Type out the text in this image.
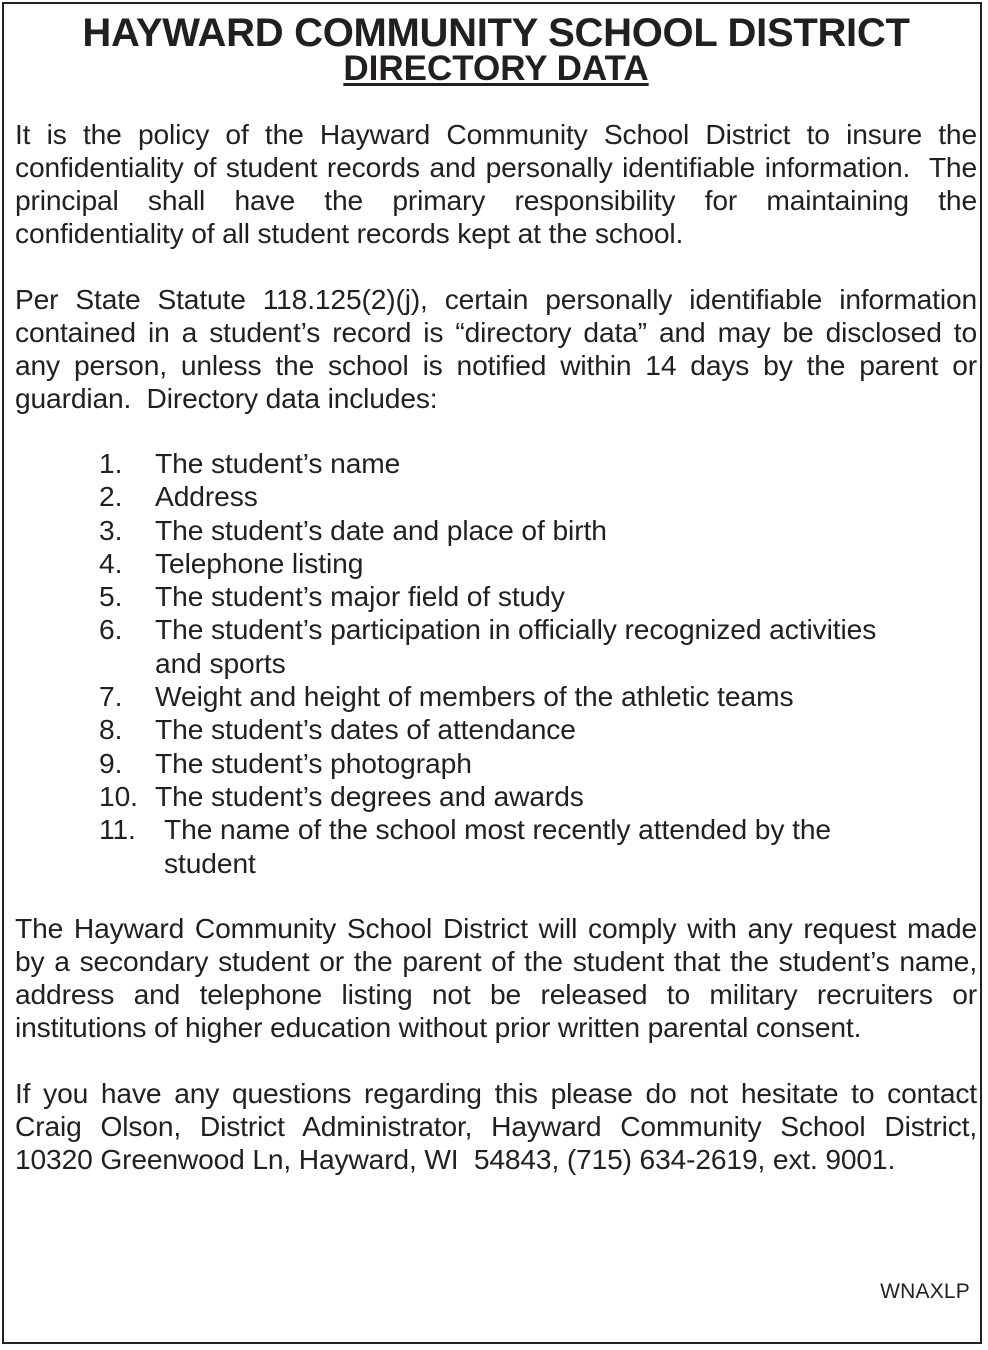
HAYWARD COMMUNITY SCHOOL DISTRICT
DIRECTORY DATA

It is the policy of the Hayward Community School District to insure the confidentiality of student records and personally identifiable information.  The principal shall have the primary responsibility for maintaining the confidentiality of all student records kept at the school.

Per State Statute 118.125(2)(j), certain personally identifiable information contained in a student’s record is “directory data” and may be disclosed to any person, unless the school is notified within 14 days by the parent or guardian.  Directory data includes:

1. The student’s name
2. Address
3. The student’s date and place of birth
4. Telephone listing
5. The student’s major field of study
6. The student’s participation in officially recognized activities and sports
7. Weight and height of members of the athletic teams
8. The student’s dates of attendance
9. The student’s photograph
10. The student’s degrees and awards
11. The name of the school most recently attended by the student

The Hayward Community School District will comply with any request made by a secondary student or the parent of the student that the student’s name, address and telephone listing not be released to military recruiters or institutions of higher education without prior written parental consent.

If you have any questions regarding this please do not hesitate to contact Craig Olson, District Administrator, Hayward Community School District, 10320 Greenwood Ln, Hayward, WI  54843, (715) 634-2619, ext. 9001.

WNAXLP
